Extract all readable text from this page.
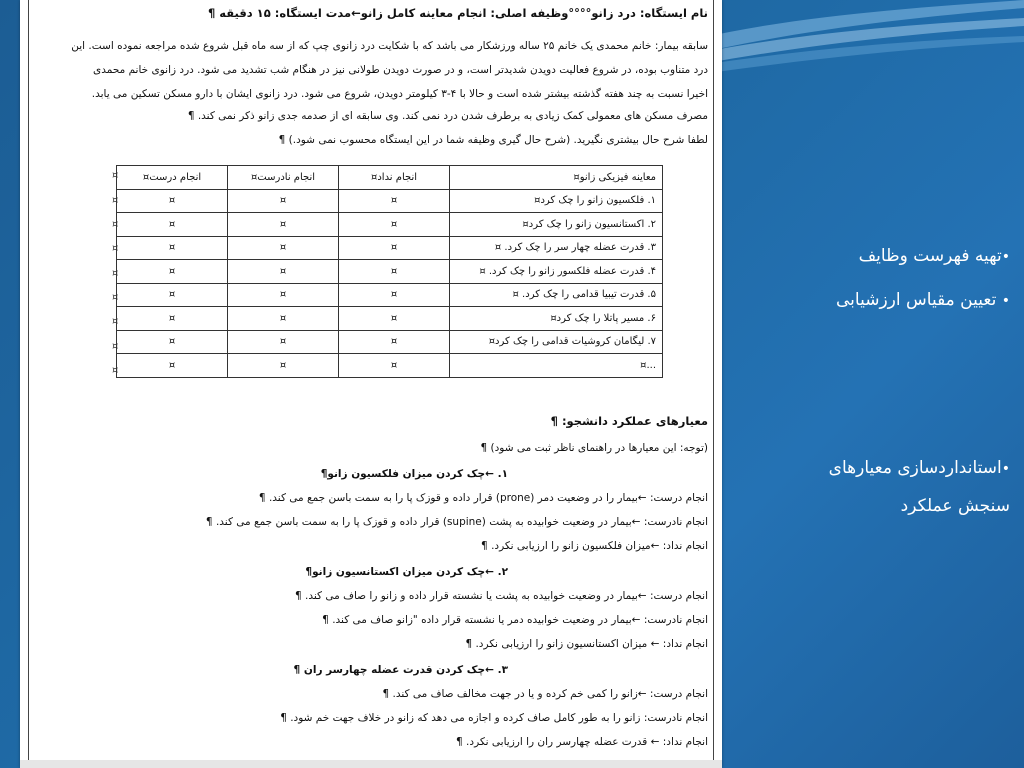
نام ایستگاه: درد زانو°°°°وظیفه اصلی: انجام معاینه کامل زانو←مدت ایستگاه: ۱۵ دقیقه ¶
سابقه بیمار: خانم محمدی یک خانم ۲۵ ساله ورزشکار می باشد که با شکایت درد زانوی چپ که از سه ماه قبل شروع شده مراجعه نموده است. این
درد متناوب بوده، در شروع فعالیت دویدن شدیدتر است، و در صورت دویدن طولانی نیز در هنگام شب تشدید می شود. درد زانوی خانم محمدی
اخیرا نسبت به چند هفته گذشته بیشتر شده است و حالا با ۴-۳ کیلومتر دویدن، شروع می شود. درد زانوی ایشان با دارو مسکن تسکین می یابد.
مصرف مسکن های معمولی کمک زیادی به برطرف شدن درد نمی کند. وی سابقه ای از صدمه جدی زانو ذکر نمی کند. ¶
لطفا شرح حال بیشتری نگیرید. (شرح حال گیری وظیفه شما در این ایستگاه محسوب نمی شود.) ¶
معاینه فیزیکی زانو¤	انجام نداد¤	انجام نادرست¤	انجام درست¤
۱. فلکسیون زانو را چک کرد¤	¤	¤	¤
۲. اکستانسیون زانو را چک کرد¤	¤	¤	¤
۳. قدرت عضله چهار سر را چک کرد. ¤	¤	¤	¤
۴. قدرت عضله فلکسور زانو را چک کرد. ¤	¤	¤	¤
۵. قدرت تیبیا قدامی را چک کرد. ¤	¤	¤	¤
۶. مسیر پاتلا را چک کرد¤	¤	¤	¤
۷. لیگامان کروشیات قدامی را چک کرد¤	¤	¤	¤
...¤	¤	¤	¤
¤
¤
¤
¤
¤
¤
¤
¤
¤
معیارهای عملکرد دانشجو: ¶
(توجه: این معیارها در راهنمای ناظر ثبت می شود) ¶
۱. ←چک کردن میزان فلکسیون زانو¶
انجام درست: ←بیمار را در وضعیت دمر (prone) قرار داده و قوزک پا را به سمت باسن جمع می کند. ¶
انجام نادرست: ←بیمار در وضعیت خوابیده به پشت (supine) قرار داده و قوزک پا را به سمت باسن جمع می کند. ¶
انجام نداد: ←میزان فلکسیون زانو را ارزیابی نکرد. ¶
۲. ←چک کردن میزان اکستانسیون زانو¶
انجام درست: ←بیمار در وضعیت خوابیده به پشت یا نشسته قرار داده و زانو را صاف می کند. ¶
انجام نادرست: ←بیمار در وضعیت خوابیده دمر یا نشسته قرار داده "زانو صاف می کند. ¶
انجام نداد: ← میزان اکستانسیون زانو را ارزیابی نکرد. ¶
۳. ←چک کردن قدرت عضله چهارسر ران ¶
انجام درست: ←زانو را کمی خم کرده و یا در جهت مخالف صاف می کند. ¶
انجام نادرست: زانو را به طور کامل صاف کرده و اجازه می دهد که زانو در خلاف جهت خم شود. ¶
انجام نداد: ← قدرت عضله چهارسر ران را ارزیابی نکرد. ¶
•تهیه فهرست وظایف
• تعیین مقیاس ارزشیابی
•استانداردسازی معیارهای
سنجش عملکرد
